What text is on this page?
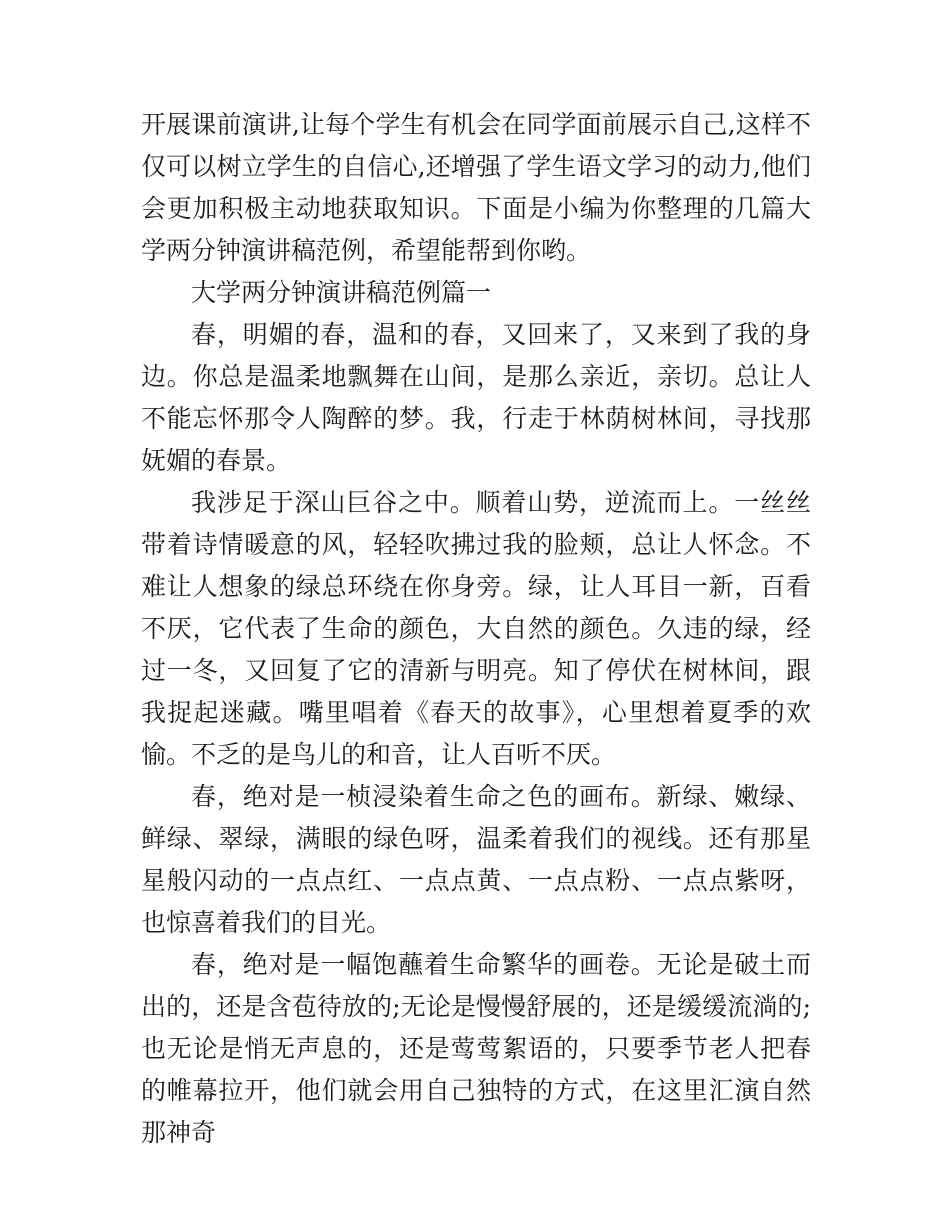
开展课前演讲,让每个学生有机会在同学面前展示自己,这样不仅可以树立学生的自信心,还增强了学生语文学习的动力,他们会更加积极主动地获取知识。下面是小编为你整理的几篇大学两分钟演讲稿范例，希望能帮到你哟。

大学两分钟演讲稿范例篇一

春，明媚的春，温和的春，又回来了，又来到了我的身边。你总是温柔地飘舞在山间，是那么亲近，亲切。总让人不能忘怀那令人陶醉的梦。我，行走于林荫树林间，寻找那妩媚的春景。

我涉足于深山巨谷之中。顺着山势，逆流而上。一丝丝带着诗情暖意的风，轻轻吹拂过我的脸颊，总让人怀念。不难让人想象的绿总环绕在你身旁。绿，让人耳目一新，百看不厌，它代表了生命的颜色，大自然的颜色。久违的绿，经过一冬，又回复了它的清新与明亮。知了停伏在树林间，跟我捉起迷藏。嘴里唱着《春天的故事》，心里想着夏季的欢愉。不乏的是鸟儿的和音，让人百听不厌。

春，绝对是一桢浸染着生命之色的画布。新绿、嫩绿、鲜绿、翠绿，满眼的绿色呀，温柔着我们的视线。还有那星星般闪动的一点点红、一点点黄、一点点粉、一点点紫呀，也惊喜着我们的目光。

春，绝对是一幅饱蘸着生命繁华的画卷。无论是破土而出的，还是含苞待放的;无论是慢慢舒展的，还是缓缓流淌的;也无论是悄无声息的，还是莺莺絮语的，只要季节老人把春的帷幕拉开，他们就会用自己独特的方式，在这里汇演自然那神奇
